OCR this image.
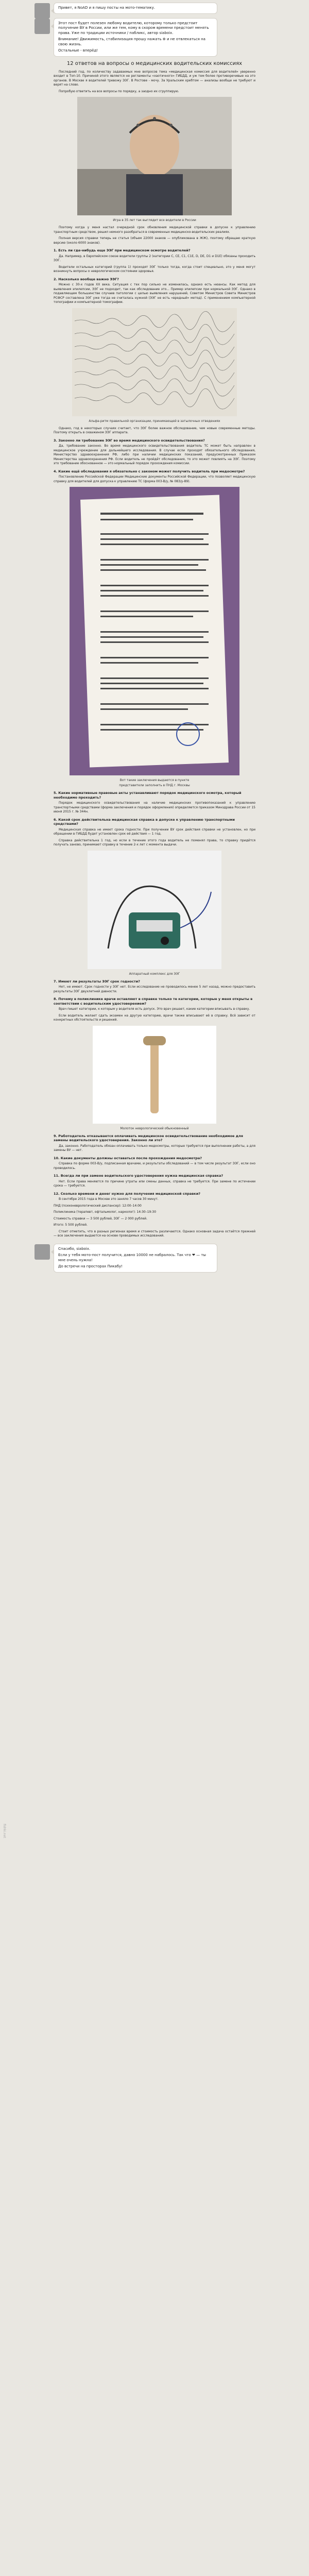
Привет, я NoAD и я пишу посты на мото-тематику.

Этот пост будет полезен любому водителю, которому только предстоит получение ВУ в России, или же тем, кому в скором времени предстоит менять права. Уже по традиции источники / пабликс, автор siaboix.

Внимание! Движимость, стабилизация прошу нажать ⊕ и не отвлекаться на свою жизнь.

Остальные - вперёд!

12 ответов на вопросы о медицинских водительских комиссиях

Последний год, по количеству задаваемых мне вопросов тема «медицинская комиссия для водителей» уверенно входит в Топ-10. Причиной этого является не регламенты «хаотичного» ГИБДД, и уж тем более противоречивые на это органов. В Москве я водителей тревожу ЭЭГ. В Ростове - мочу. За Уральским хребтом — анализы вообще не требуют и верят на слово.

Попробую ответить на все вопросы по порядку, а заодно их сгруппирую.

Игра в 35 лет так выглядит все водители в России

Поэтому когда у меня настал очередной срок обновления медицинской справки в допуске к управлению транспортным средством, решил немного разобраться в современных медицинско-водительских реалиях.

Полная версия справки теперь не статья (объем 22000 знаков — опубликована в ЖЖ), поэтому обращаю краткую версию (около 6000 знаков).

1. Есть ли где-нибудь еще ЭЭГ при медицинском осмотре водителей?

Да. Например, в Европейском союзе водители группы 2 (категории C, CE, C1, C1E, D, DE, D1 и D1E) обязаны проходить ЭЭГ.

Водители остальных категорий (группа 1) проходят ЭЭГ только тогда, когда стоит специально, это у меня могут возникнуть вопросы о неврологическом состоянии здоровья.

2. Насколько вообще важно ЭЭГ?

Можно с 30-х годов ХХ века. Ситуация с тех пор сильно не изменилась, однако есть нюансы. Как метод для выявления эпилепсии, ЭЭГ не подходит, так как обследование это... Пример эпилепсии при нормальной ЭЭГ. Однако в подавляющем большинстве случаев патологии с целью выявления нарушений, Советом Министров Совета Министров РСФСР составлена ЭЭГ уже тогда не считалась нужной (ЭЭГ не есть «вредный» метод). С применением компьютерной топографии и компьютерной томографии.

Альфа-ритм правильной организации, принимающей в затылочных отведениях

Однако, год в некоторых случаях считает, что ЭЭГ более важное обследование, чем новые современные методы. Поэтому открыть в скважином ЭЭГ аппарата.

3. Законно ли требование ЭЭГ во время медицинского освидетельствования?

Да, требование законно. Во время медицинского освидетельствования водитель ТС может быть направлен в медицинское учреждение для дальнейшего исследования. В случае если проходят обязательного обследования, Министерство здравоохранения РФ, либо при наличии медицинских показаний, предусмотренных Приказом Министерства здравоохранения РФ. Если водитель не пройдёт обследования, то это может повлиять на ЭЭГ. Поэтому это требование обоснованное — это нормальный порядок прохождения комиссии.

4. Какие ещё обследования я обязательно с законом может получить водитель при медосмотре?

Постановление Российской Федерации Медицинские документы Российской Федерации, что позволяет медицинскую справку для водителей для допуска к управлению ТС (форма 003-В/у, № 083/у-89).

Вот такие заключения выдаются в пункте
представители заполнить в ПНД г. Москвы
5. Какие нормативные правовые акты устанавливают порядок медицинского осмотра, который необходимо проходить?

Порядок медицинского освидетельствования на наличие медицинских противопоказаний к управлению транспортными средствами (форма заключения и порядок оформления) определяется приказом Минздрава России от 15 июня 2015 г. № 344н.

6. Какой срок действительна медицинская справка в допуске к управлению транспортными средствами?

Медицинская справка не имеет срока годности. При получении ВУ срок действия справки не установлен, но при обращении в ГИБДД будет установлен срок её действия — 1 год.

Справка действительна 1 год, но если в течение этого года водитель не поменял права, то справку придётся получать заново, принимают справку в течение 2-х лет с момента выдачи.

Аппаратный комплекс для ЭЭГ
7. Имеют ли результаты ЭЭГ срок годности?

Нет, не имеют. Срок годности у ЭЭГ нет. Если исследование не проводилось менее 5 лет назад, можно предоставить результаты ЭЭГ двухлетней давности.

8. Почему в поликлинике врачи оставляют в справке только те категории, которые у меня открыты в соответствии с водительским удостоверением?

Врач пишет категории, к которым у водителя есть допуск. Это врач решает, какие категории вписывать в справку.

Если водитель желает сдать экзамен на другую категорию, врачи также вписывают её в справку. Всё зависит от конкретных обстоятельств и решений.

Молоток неврологический обыкновенный
9. Работодатель отказывается оплачивать медицинское освидетельствование необходимое для замены водительского удостоверения. Законно ли это?

Да, законно. Работодатель обязан оплачивать только медосмотры, которые требуются при выполнении работы, а для замены ВУ — нет.

10. Какие документы должны оставаться после прохождения медосмотра?

Справка по форме 003-В/у, подписанная врачами, и результаты обследований — в том числе результат ЭЭГ, если оно проводилось.

11. Всегда ли при замене водительского удостоверения нужна медицинская справка?

Нет. Если права меняются по причине утраты или смены данных, справка не требуется. При замене по истечении срока — требуется.

12. Сколько времени и денег нужно для получения медицинской справки?

В сентябре 2015 года в Москве это заняло 7 часов 30 минут.

ПНД (психоневрологический диспансер): 12:00–14:00

Поликлиника (терапевт, офтальмолог, нарколог): 14:30–19:30

Стоимость справки — 3 500 рублей, ЭЭГ — 2 000 рублей.

Итого: 5 500 рублей.

Стоит отметить, что в разных регионах время и стоимость различаются. Однако основная задача остаётся прежней — все заключения выдаются на основе проводимых исследований.

Спасибо, siaboix.

Если у тебя мото-пост получится, давно 10000 не набралось. Так что ❤ — ты мне очень нужна!

До встречи на просторах Пикабу!

fishki.net
